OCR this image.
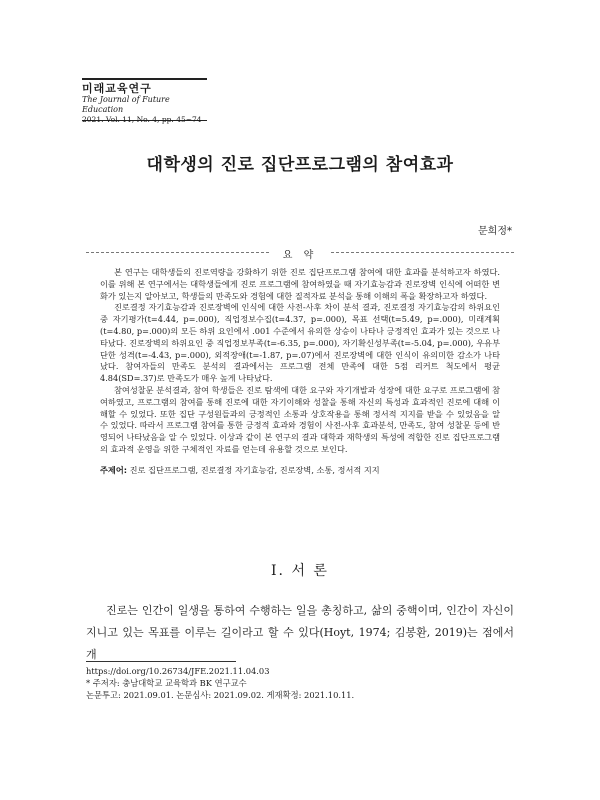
미래교육연구
The Journal of Future Education
2021. Vol. 11, No. 4, pp. 45~74
대학생의 진로 집단프로그램의 참여효과
문희정*
요 약

본 연구는 대학생들의 진로역량을 강화하기 위한 진로 집단프로그램 참여에 대한 효과를 분석하고자 하였다. 이를 위해 본 연구에서는 대학생들에게 진로 프로그램에 참여하였을 때 자기효능감과 진로장벽 인식에 어떠한 변화가 있는지 알아보고, 학생들의 만족도와 경험에 대한 질적자료 분석을 통해 이해의 폭을 확장하고자 하였다.

진로결정 자기효능감과 진로장벽에 인식에 대한 사전-사후 차이 분석 결과, 진로결정 자기효능감의 하위요인 중 자기평가(t=4.44, p=.000), 직업정보수집(t=4.37, p=.000), 목표 선택(t=5.49, p=.000), 미래계획(t=4.80, p=.000)의 모든 하위 요인에서 .001 수준에서 유의한 상승이 나타나 긍정적인 효과가 있는 것으로 나타났다. 진로장벽의 하위요인 중 직업정보부족(t=-6.35, p=.000), 자기확신성부족(t=-5.04, p=.000), 우유부단한 성격(t=-4.43, p=.000), 외적장애(t=-1.87, p=.07)에서 진로장벽에 대한 인식이 유의미한 감소가 나타났다. 참여자들의 만족도 분석의 결과에서는 프로그램 전체 만족에 대한 5점 리커트 척도에서 평균 4.84(SD=.37)로 만족도가 매우 높게 나타났다.

참여성찰문 분석결과, 참여 학생들은 진로 탐색에 대한 요구와 자기개발과 성장에 대한 요구로 프로그램에 참여하였고, 프로그램의 참여를 통해 진로에 대한 자기이해와 성찰을 통해 자신의 특성과 효과적인 진로에 대해 이해할 수 있었다. 또한 집단 구성원들과의 긍정적인 소통과 상호작용을 통해 정서적 지지를 받을 수 있었음을 알 수 있었다. 따라서 프로그램 참여를 통한 긍정적 효과와 경험이 사전-사후 효과분석, 만족도, 참여 성찰문 등에 반영되어 나타났음을 알 수 있었다. 이상과 같이 본 연구의 결과 대학과 재학생의 특성에 적합한 진로 집단프로그램의 효과적 운영을 위한 구체적인 자료를 얻는데 유용할 것으로 보인다.

주제어: 진로 집단프로그램, 진로결정 자기효능감, 진로장벽, 소통, 정서적 지지

Ⅰ. 서 론

진로는 인간이 일생을 통하여 수행하는 일을 총칭하고, 삶의 중핵이며, 인간이 자신이 지니고 있는 목표를 이루는 길이라고 할 수 있다(Hoyt, 1974; 김봉환, 2019)는 점에서 개

https://doi.org/10.26734/JFE.2021.11.04.03
* 주저자: 충남대학교 교육학과 BK 연구교수
논문투고: 2021.09.01. 논문심사: 2021.09.02. 게재확정: 2021.10.11.
